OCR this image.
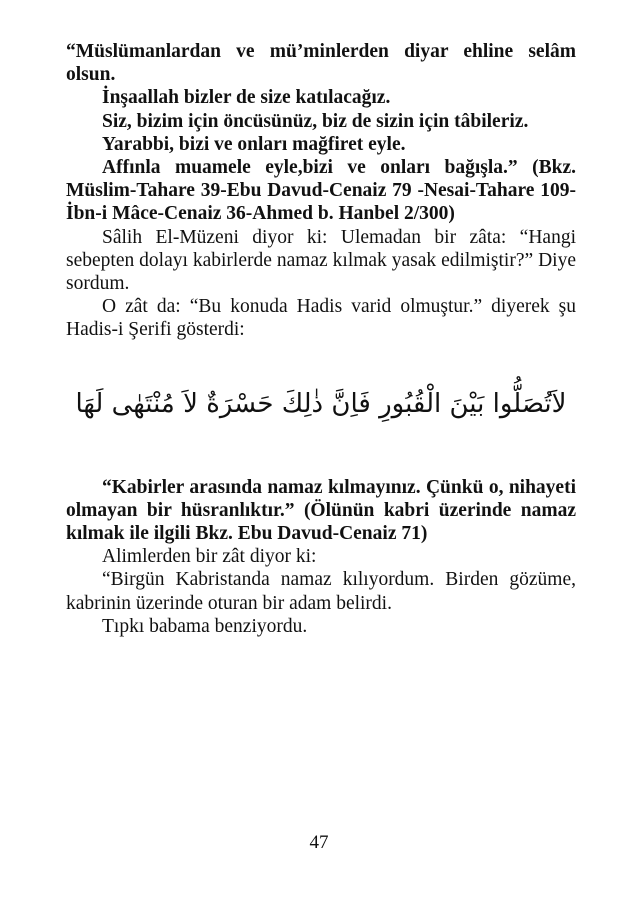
“Müslümanlardan ve mü’minlerden diyar ehline selâm olsun.

İnşaallah bizler de size katılacağız.

Siz, bizim için öncüsünüz, biz de sizin için tâbileriz.

Yarabbi, bizi ve onları mağfiret eyle.

Affınla muamele eyle,bizi ve onları bağışla.” (Bkz. Müslim-Tahare 39-Ebu Davud-Cenaiz 79 -Nesai-Tahare 109-İbn-i Mâce-Cenaiz 36-Ahmed b. Hanbel 2/300)

Sâlih El-Müzeni diyor ki: Ulemadan bir zâta: “Hangi sebepten dolayı kabirlerde namaz kılmak yasak edilmiştir?” Diye sordum.

O zât da: “Bu konuda Hadis varid olmuştur.” diyerek şu Hadis-i Şerifi gösterdi:

لاَتُصَلُّوا بَيْنَ الْقُبُورِ فَاِنَّ ذٰلِكَ حَسْرَةٌ لاَ مُنْتَهٰى لَهَا

“Kabirler arasında namaz kılmayınız. Çünkü o, nihayeti olmayan bir hüsranlıktır.” (Ölünün kabri üzerinde namaz kılmak ile ilgili Bkz. Ebu Davud-Cenaiz 71)

Alimlerden bir zât diyor ki:

“Birgün Kabristanda namaz kılıyordum. Birden gözüme, kabrinin üzerinde oturan bir adam belirdi.

Tıpkı babama benziyordu.

47
